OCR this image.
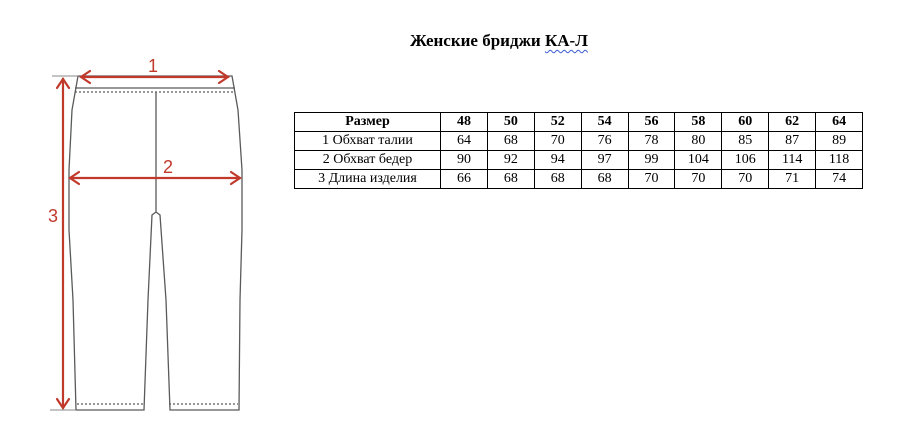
Женские бриджи КА-Л
1
2
3
Размер	48	50	52	54	56	58	60	62	64
1 Обхват талии	64	68	70	76	78	80	85	87	89
2 Обхват бедер	90	92	94	97	99	104	106	114	118
3 Длина изделия	66	68	68	68	70	70	70	71	74
